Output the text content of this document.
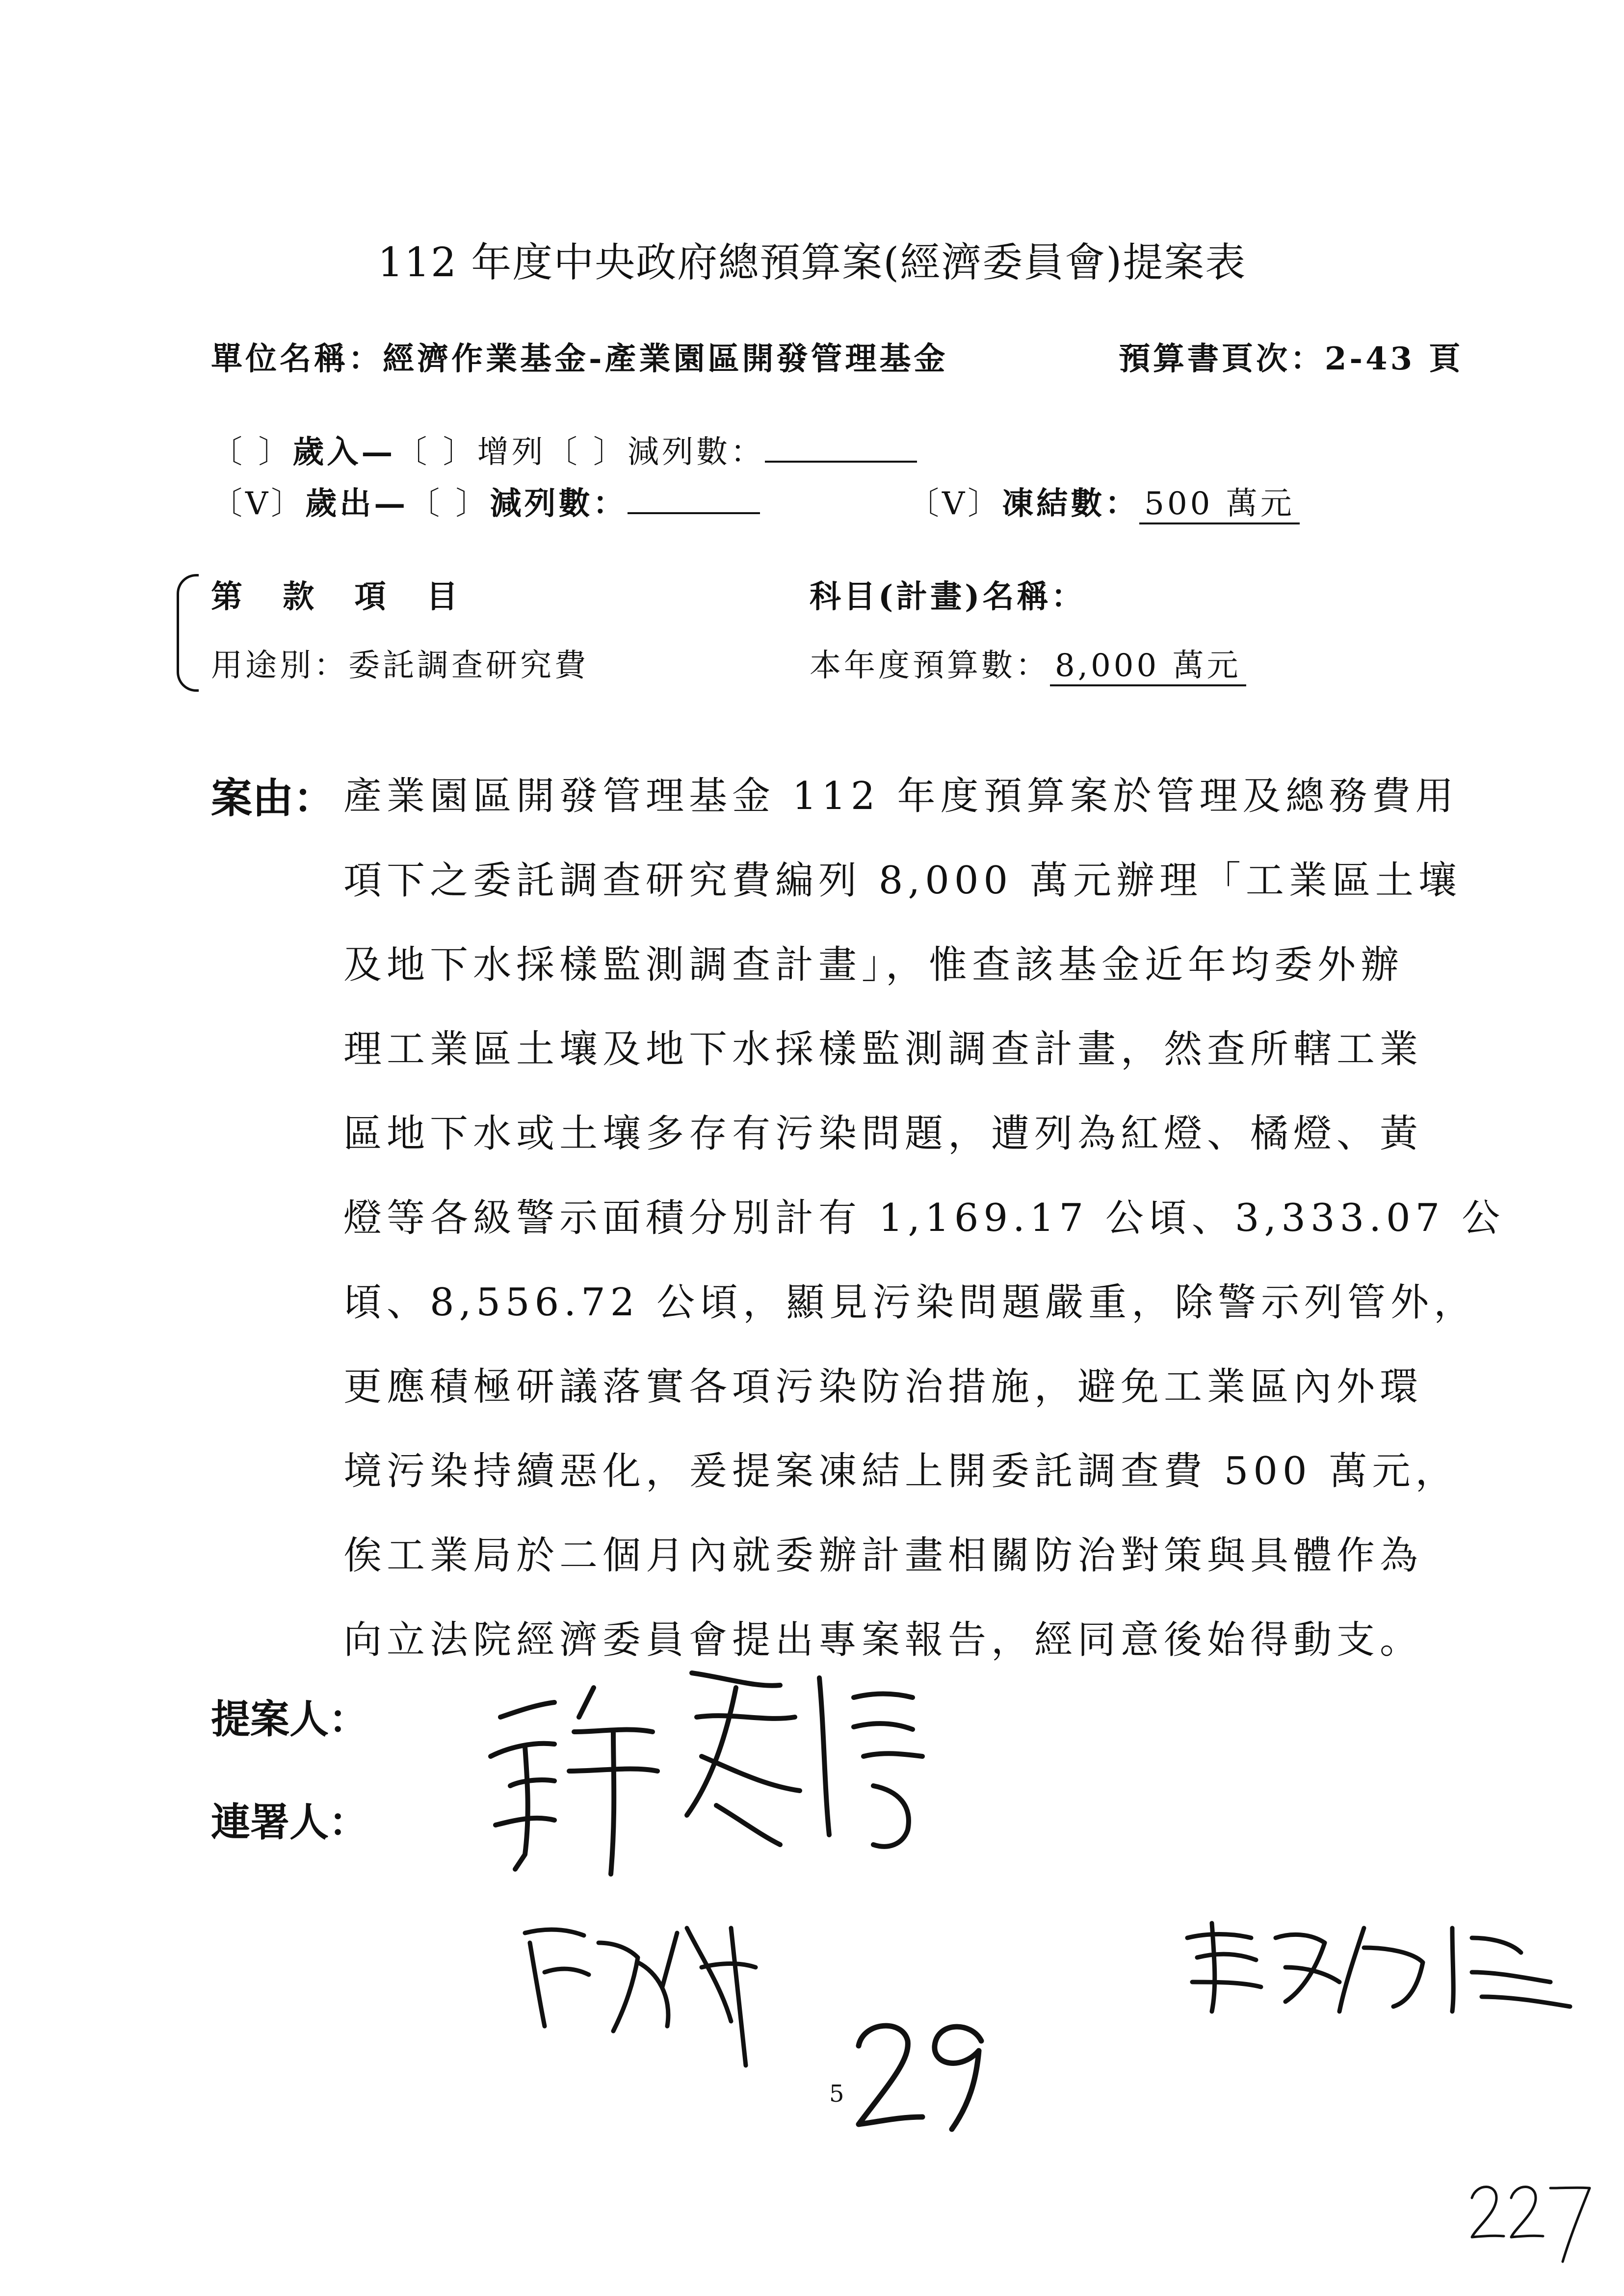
112 年度中央政府總預算案(經濟委員會)提案表
單位名稱：經濟作業基金-產業園區開發管理基金	預算書頁次：2-43 頁
〔 〕歲入—〔 〕增列〔 〕減列數：
〔V〕歲出—〔 〕減列數：	〔V〕凍結數： 500 萬元
第 款 項 目	科目(計畫)名稱：
用途別：委託調查研究費	本年度預算數： 8,000 萬元
案由： 產業園區開發管理基金 112 年度預算案於管理及總務費用
項下之委託調查研究費編列 8,000 萬元辦理「工業區土壤
及地下水採樣監測調查計畫」，惟查該基金近年均委外辦
理工業區土壤及地下水採樣監測調查計畫，然查所轄工業
區地下水或土壤多存有污染問題，遭列為紅燈、橘燈、黃
燈等各級警示面積分別計有 1,169.17 公頃、3,333.07 公
頃、8,556.72 公頃，顯見污染問題嚴重，除警示列管外，
更應積極研議落實各項污染防治措施，避免工業區內外環
境污染持續惡化，爰提案凍結上開委託調查費 500 萬元，
俟工業局於二個月內就委辦計畫相關防治對策與具體作為
向立法院經濟委員會提出專案報告，經同意後始得動支。
提案人：
連署人：
5
